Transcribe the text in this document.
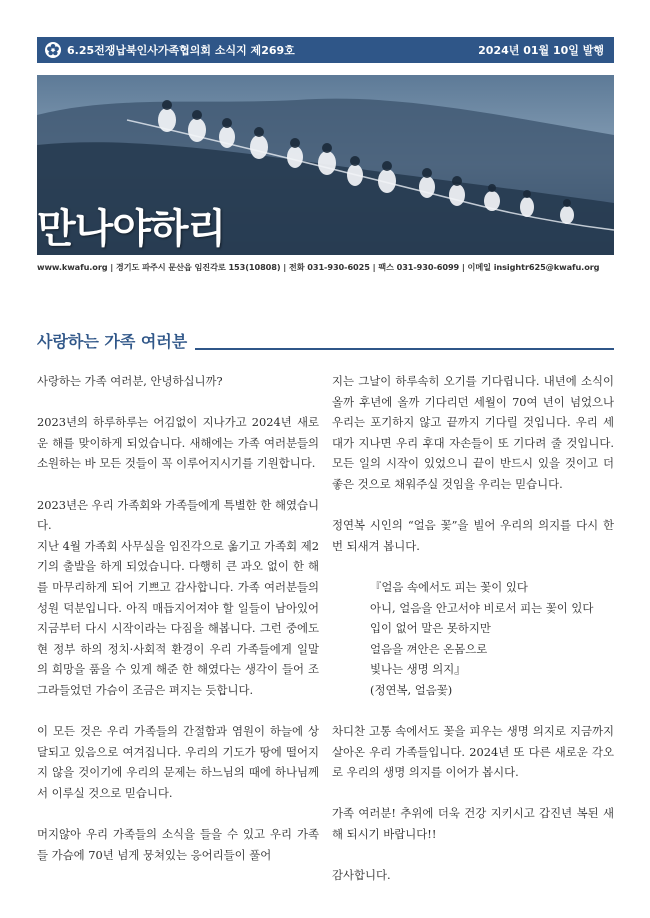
6.25전쟁납북인사가족협의회 소식지 제269호	2024년 01월 10일 발행
만나야하리
www.kwafu.org | 경기도 파주시 문산읍 임진각로 153(10808) | 전화 031-930-6025 | 팩스 031-930-6099 | 이메일 insightr625@kwafu.org
사랑하는 가족 여러분

사랑하는 가족 여러분, 안녕하십니까?

2023년의 하루하루는 어김없이 지나가고 2024년 새로운 해를 맞이하게 되었습니다. 새해에는 가족 여러분들의 소원하는 바 모든 것들이 꼭 이루어지시기를 기원합니다.

2023년은 우리 가족회와 가족들에게 특별한 한 해였습니다.

지난 4월 가족회 사무실을 임진각으로 옮기고 가족회 제2기의 출발을 하게 되었습니다. 다행히 큰 과오 없이 한 해를 마무리하게 되어 기쁘고 감사합니다. 가족 여러분들의 성원 덕분입니다. 아직 매듭지어져야 할 일들이 남아있어 지금부터 다시 시작이라는 다짐을 해봅니다. 그런 중에도 현 정부 하의 정치·사회적 환경이 우리 가족들에게 일말의 희망을 품을 수 있게 해준 한 해였다는 생각이 들어 조그라들었던 가슴이 조금은 펴지는 듯합니다.

이 모든 것은 우리 가족들의 간절함과 염원이 하늘에 상달되고 있음으로 여겨집니다. 우리의 기도가 땅에 떨어지지 않을 것이기에 우리의 문제는 하느님의 때에 하나님께서 이루실 것으로 믿습니다.

머지않아 우리 가족들의 소식을 들을 수 있고 우리 가족들 가슴에 70년 넘게 뭉쳐있는 응어리들이 풀어

지는 그날이 하루속히 오기를 기다립니다. 내년에 소식이 올까 후년에 올까 기다리던 세월이 70여 년이 넘었으나 우리는 포기하지 않고 끝까지 기다릴 것입니다. 우리 세대가 지나면 우리 후대 자손들이 또 기다려 줄 것입니다. 모든 일의 시작이 있었으니 끝이 반드시 있을 것이고 더 좋은 것으로 채워주실 것임을 우리는 믿습니다.

정연복 시인의 “얼음 꽃”을 빌어 우리의 의지를 다시 한번 되새겨 봅니다.

『얼음 속에서도 피는 꽃이 있다
아니, 얼음을 안고서야 비로서 피는 꽃이 있다
입이 없어 말은 못하지만
얼음을 껴안은 온몸으로
빛나는 생명 의지』
(정연복, 얼음꽃)

차디찬 고통 속에서도 꽃을 피우는 생명 의지로 지금까지 살아온 우리 가족들입니다. 2024년 또 다른 새로운 각오로 우리의 생명 의지를 이어가 봅시다.

가족 여러분! 추위에 더욱 건강 지키시고 갑진년 복된 새해 되시기 바랍니다!!

감사합니다.
